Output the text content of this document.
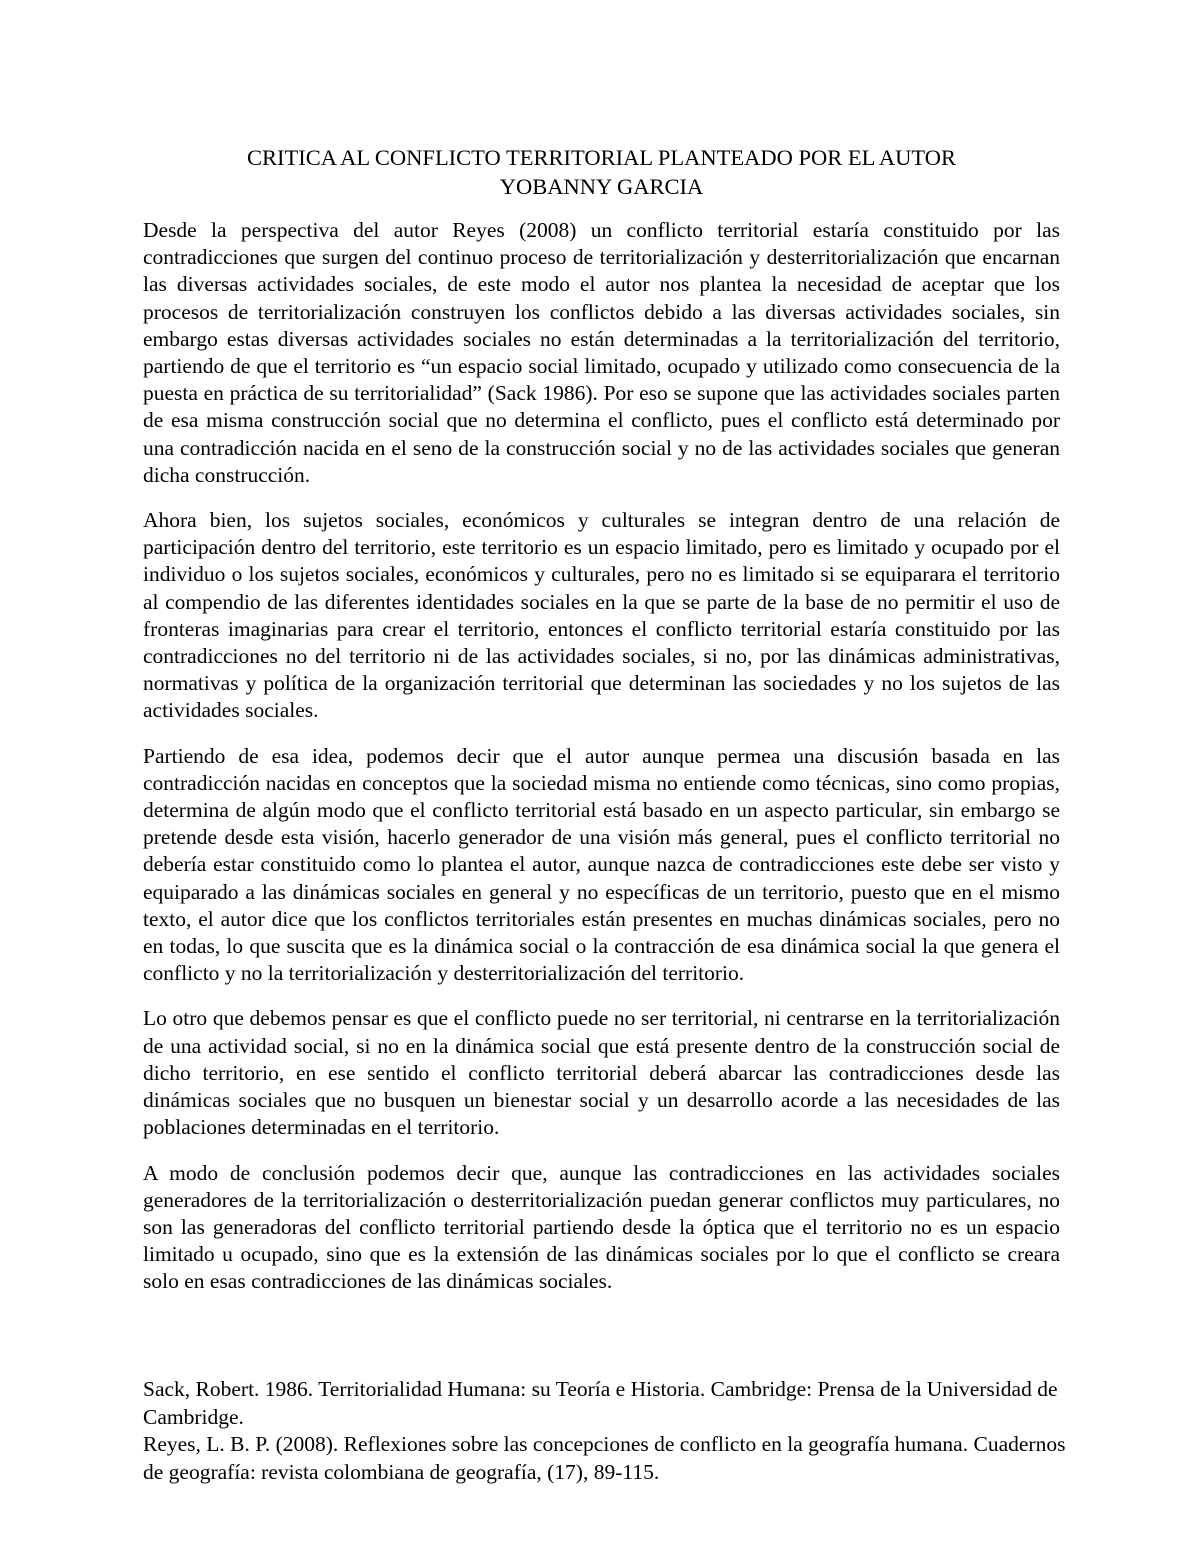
CRITICA AL CONFLICTO TERRITORIAL PLANTEADO POR EL AUTOR
YOBANNY GARCIA

Desde la perspectiva del autor Reyes (2008) un conflicto territorial estaría constituido por las contradicciones que surgen del continuo proceso de territorialización y desterritorialización que encarnan las diversas actividades sociales, de este modo el autor nos plantea la necesidad de aceptar que los procesos de territorialización construyen los conflictos debido a las diversas actividades sociales, sin embargo estas diversas actividades sociales no están determinadas a la territorialización del territorio, partiendo de que el territorio es “un espacio social limitado, ocupado y utilizado como consecuencia de la puesta en práctica de su territorialidad” (Sack 1986). Por eso se supone que las actividades sociales parten de esa misma construcción social que no determina el conflicto, pues el conflicto está determinado por una contradicción nacida en el seno de la construcción social y no de las actividades sociales que generan dicha construcción.

Ahora bien, los sujetos sociales, económicos y culturales se integran dentro de una relación de participación dentro del territorio, este territorio es un espacio limitado, pero es limitado y ocupado por el individuo o los sujetos sociales, económicos y culturales, pero no es limitado si se equiparara el territorio al compendio de las diferentes identidades sociales en la que se parte de la base de no permitir el uso de fronteras imaginarias para crear el territorio, entonces el conflicto territorial estaría constituido por las contradicciones no del territorio ni de las actividades sociales, si no, por las dinámicas administrativas, normativas y política de la organización territorial que determinan las sociedades y no los sujetos de las actividades sociales.

Partiendo de esa idea, podemos decir que el autor aunque permea una discusión basada en las contradicción nacidas en conceptos que la sociedad misma no entiende como técnicas, sino como propias, determina de algún modo que el conflicto territorial está basado en un aspecto particular, sin embargo se pretende desde esta visión, hacerlo generador de una visión más general, pues el conflicto territorial no debería estar constituido como lo plantea el autor, aunque nazca de contradicciones este debe ser visto y equiparado a las dinámicas sociales en general y no específicas de un territorio, puesto que en el mismo texto, el autor dice que los conflictos territoriales están presentes en muchas dinámicas sociales, pero no en todas, lo que suscita que es la dinámica social o la contracción de esa dinámica social la que genera el conflicto y no la territorialización y desterritorialización del territorio.

Lo otro que debemos pensar es que el conflicto puede no ser territorial, ni centrarse en la territorialización de una actividad social, si no en la dinámica social que está presente dentro de la construcción social de dicho territorio, en ese sentido el conflicto territorial deberá abarcar las contradicciones desde las dinámicas sociales que no busquen un bienestar social y un desarrollo acorde a las necesidades de las poblaciones determinadas en el territorio.

A modo de conclusión podemos decir que, aunque las contradicciones en las actividades sociales generadores de la territorialización o desterritorialización puedan generar conflictos muy particulares, no son las generadoras del conflicto territorial partiendo desde la óptica que el territorio no es un espacio limitado u ocupado, sino que es la extensión de las dinámicas sociales por lo que el conflicto se creara solo en esas contradicciones de las dinámicas sociales.

Sack, Robert. 1986. Territorialidad Humana: su Teoría e Historia. Cambridge: Prensa de la Universidad de Cambridge.

Reyes, L. B. P. (2008). Reflexiones sobre las concepciones de conflicto en la geografía humana. Cuadernos de geografía: revista colombiana de geografía, (17), 89-115.
